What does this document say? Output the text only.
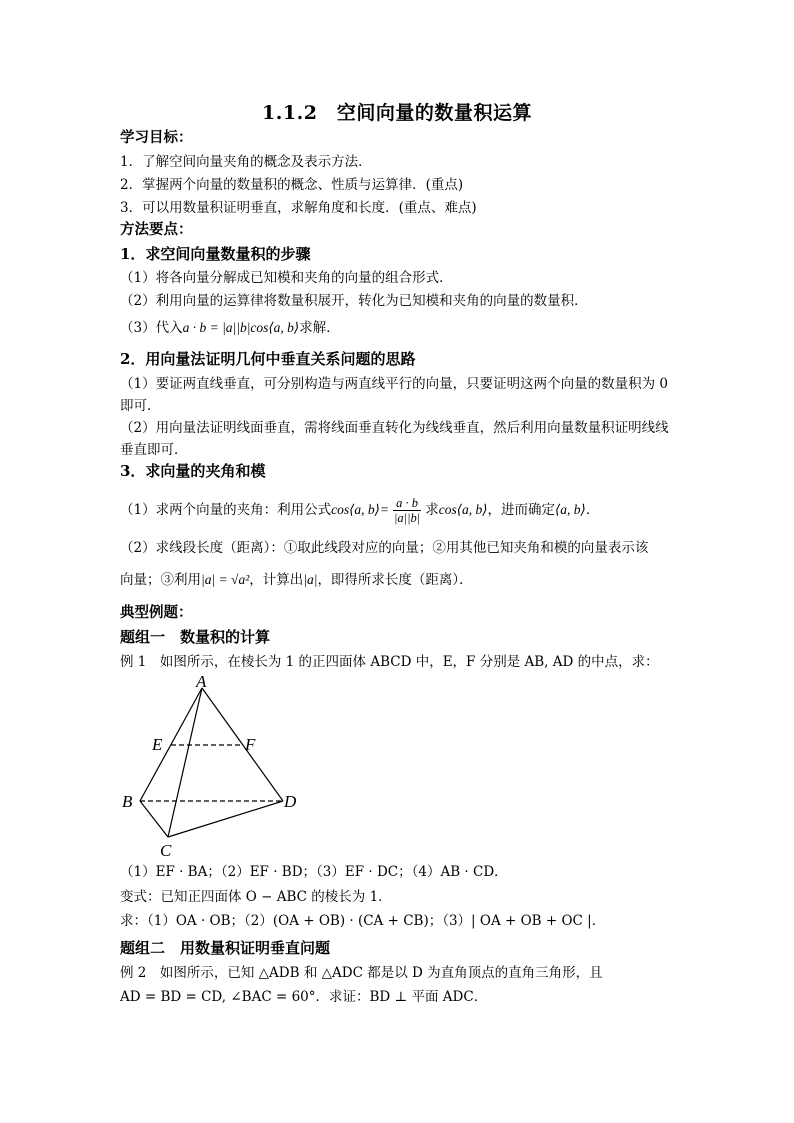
1.1.2　空间向量的数量积运算
学习目标：
1．了解空间向量夹角的概念及表示方法．
2．掌握两个向量的数量积的概念、性质与运算律．(重点)
3．可以用数量积证明垂直，求解角度和长度．(重点、难点)
方法要点：
1．求空间向量数量积的步骤
（1）将各向量分解成已知模和夹角的向量的组合形式．
（2）利用向量的运算律将数量积展开，转化为已知模和夹角的向量的数量积．
（3）代入a · b = |a||b|cos⟨a, b⟩求解．
2．用向量法证明几何中垂直关系问题的思路
（1）要证两直线垂直，可分别构造与两直线平行的向量，只要证明这两个向量的数量积为 0 即可．
（2）用向量法证明线面垂直，需将线面垂直转化为线线垂直，然后利用向量数量积证明线线垂直即可．
3．求向量的夹角和模
（1）求两个向量的夹角：利用公式cos⟨a, b⟩= $\frac{a \cdot b}{|a||b|}$ 求cos⟨a, b⟩，进而确定⟨a, b⟩．
（2）求线段长度（距离）：①取此线段对应的向量；②用其他已知夹角和模的向量表示该
向量；③利用|a| = √a²，计算出|a|，即得所求长度（距离）．
典型例题：
题组一　数量积的计算
例 1　如图所示，在棱长为 1 的正四面体 ABCD 中，E，F 分别是 AB, AD 的中点，求：
A
E	F
B	D
C
（1）EF · BA；（2）EF · BD；（3）EF · DC；（4）AB · CD．
变式：已知正四面体 O − ABC 的棱长为 1．
求：（1）OA · OB；（2）(OA + OB) · (CA + CB)；（3）| OA + OB + OC |．
题组二　用数量积证明垂直问题
例 2　如图所示，已知 △ADB 和 △ADC 都是以 D 为直角顶点的直角三角形，且
AD = BD = CD, ∠BAC = 60°．求证：BD ⊥ 平面 ADC．
